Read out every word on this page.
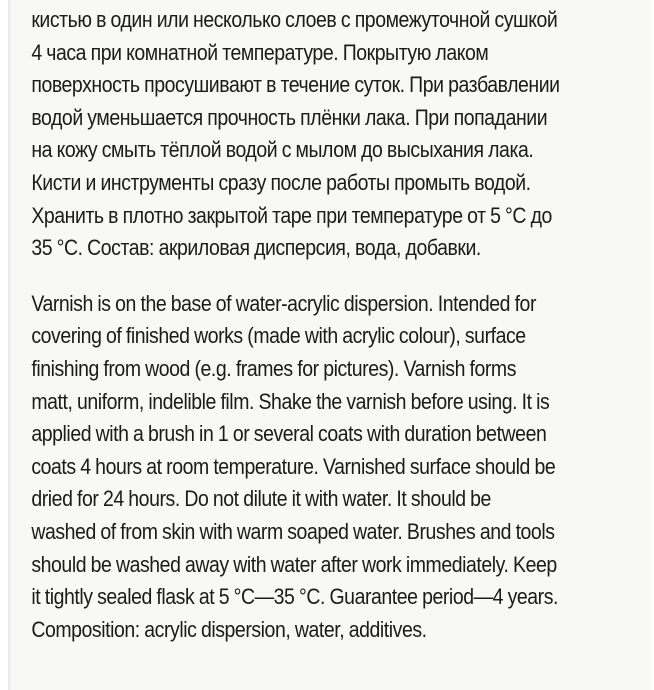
кистью в один или несколько слоев с промежуточной сушкой
4 часа при комнатной температуре. Покрытую лаком
поверхность просушивают в течение суток. При разбавлении
водой уменьшается прочность плёнки лака. При попадании
на кожу смыть тёплой водой с мылом до высыхания лака.
Кисти и инструменты сразу после работы промыть водой.
Хранить в плотно закрытой таре при температуре от 5 °С до
35 °С. Состав: акриловая дисперсия, вода, добавки.

Varnish is on the base of water-acrylic dispersion. Intended for
covering of finished works (made with acrylic colour), surface
finishing from wood (e.g. frames for pictures). Varnish forms
matt, uniform, indelible film. Shake the varnish before using. It is
applied with a brush in 1 or several coats with duration between
coats 4 hours at room temperature. Varnished surface should be
dried for 24 hours. Do not dilute it with water. It should be
washed of from skin with warm soaped water. Brushes and tools
should be washed away with water after work immediately. Keep
it tightly sealed flask at 5 °C—35 °C. Guarantee period—4 years.
Composition: acrylic dispersion, water, additives.
